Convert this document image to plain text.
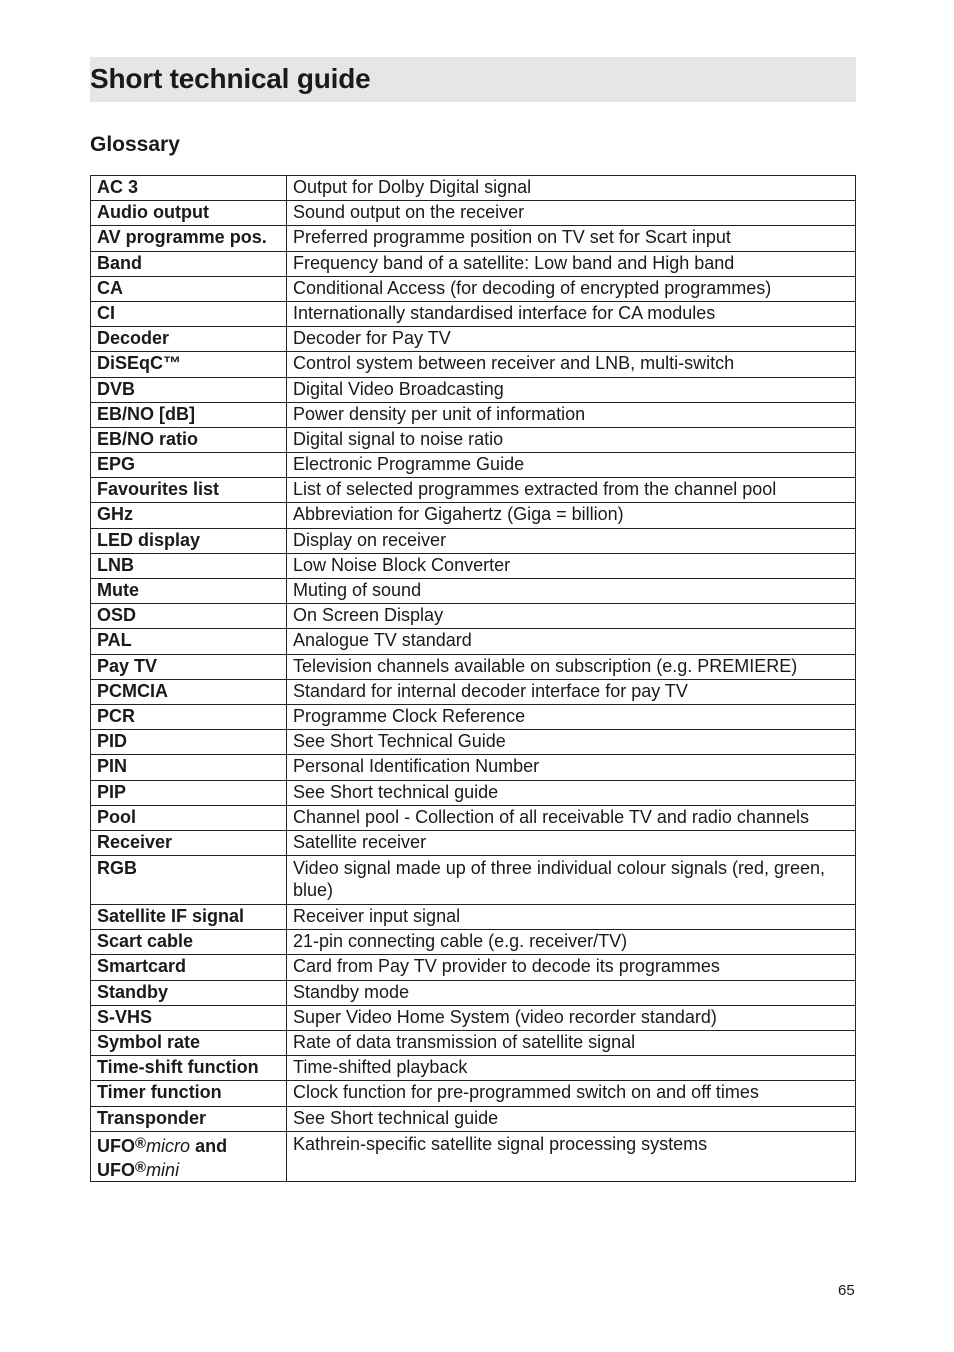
Short technical guide
Glossary
AC 3	Output for Dolby Digital signal
Audio output	Sound output on the receiver
AV programme pos.	Preferred programme position on TV set for Scart input
Band	Frequency band of a satellite: Low band and High band
CA	Conditional Access (for decoding of encrypted programmes)
CI	Internationally standardised interface for CA modules
Decoder	Decoder for Pay TV
DiSEqC™	Control system between receiver and LNB, multi-switch
DVB	Digital Video Broadcasting
EB/NO [dB]	Power density per unit of information
EB/NO ratio	Digital signal to noise ratio
EPG	Electronic Programme Guide
Favourites list	List of selected programmes extracted from the channel pool
GHz	Abbreviation for Gigahertz (Giga = billion)
LED display	Display on receiver
LNB	Low Noise Block Converter
Mute	Muting of sound
OSD	On Screen Display
PAL	Analogue TV standard
Pay TV	Television channels available on subscription (e.g. PREMIERE)
PCMCIA	Standard for internal decoder interface for pay TV
PCR	Programme Clock Reference
PID	See Short Technical Guide
PIN	Personal Identification Number
PIP	See Short technical guide
Pool	Channel pool - Collection of all receivable TV and radio channels
Receiver	Satellite receiver
RGB	Video signal made up of three individual colour signals (red, green, blue)
Satellite IF signal	Receiver input signal
Scart cable	21-pin connecting cable (e.g. receiver/TV)
Smartcard	Card from Pay TV provider to decode its programmes
Standby	Standby mode
S-VHS	Super Video Home System (video recorder standard)
Symbol rate	Rate of data transmission of satellite signal
Time-shift function	Time-shifted playback
Timer function	Clock function for pre-programmed switch on and off times
Transponder	See Short technical guide
UFO®micro and
UFO®mini	Kathrein-specific satellite signal processing systems
65
